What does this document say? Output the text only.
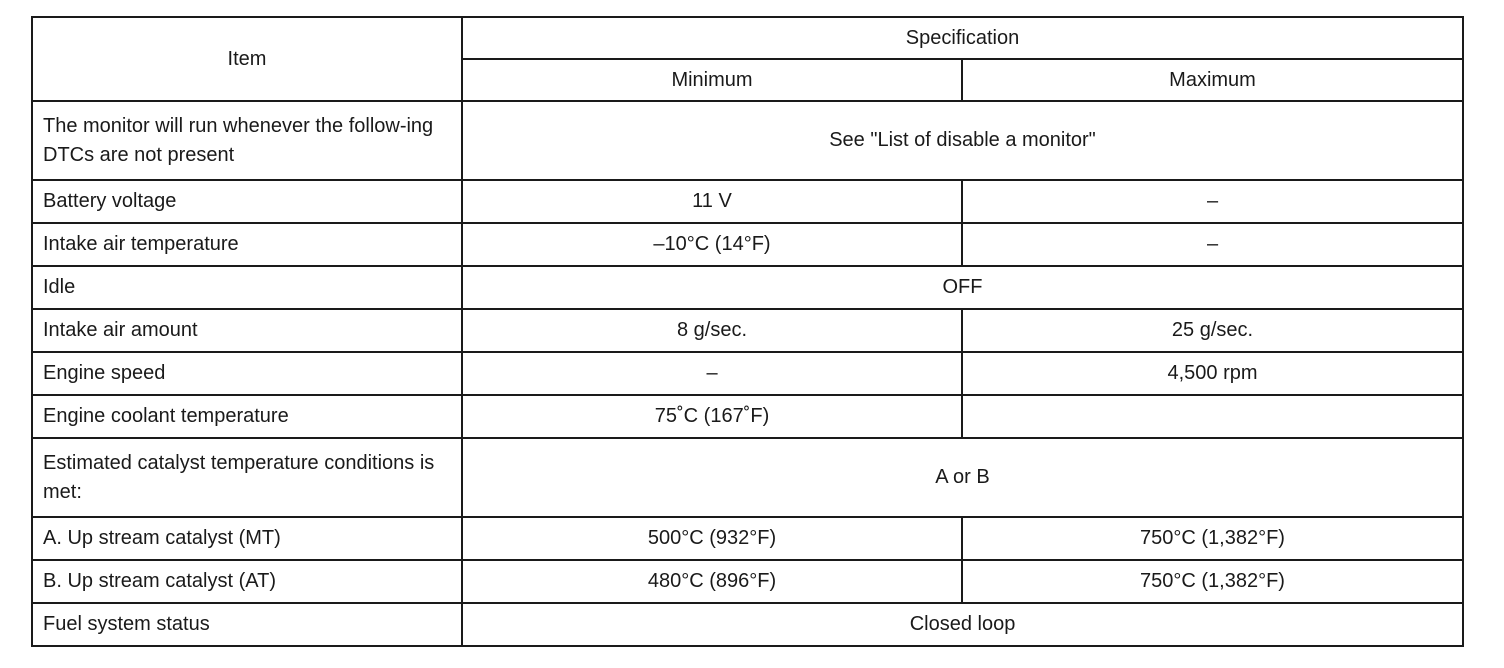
Item	Specification	
	Minimum	Maximum
The monitor will run whenever the follow-ing DTCs are not present	See "List of disable a monitor"	
Battery voltage	11 V	–
Intake air temperature	–10°C (14°F)	–
Idle	OFF	
Intake air amount	8 g/sec.	25 g/sec.
Engine speed	–	4,500 rpm
Engine coolant temperature	75˚C (167˚F)	
Estimated catalyst temperature conditions is met:	A or B	
A. Up stream catalyst (MT)	500°C (932°F)	750°C (1,382°F)
B. Up stream catalyst (AT)	480°C (896°F)	750°C (1,382°F)
Fuel system status	Closed loop	
